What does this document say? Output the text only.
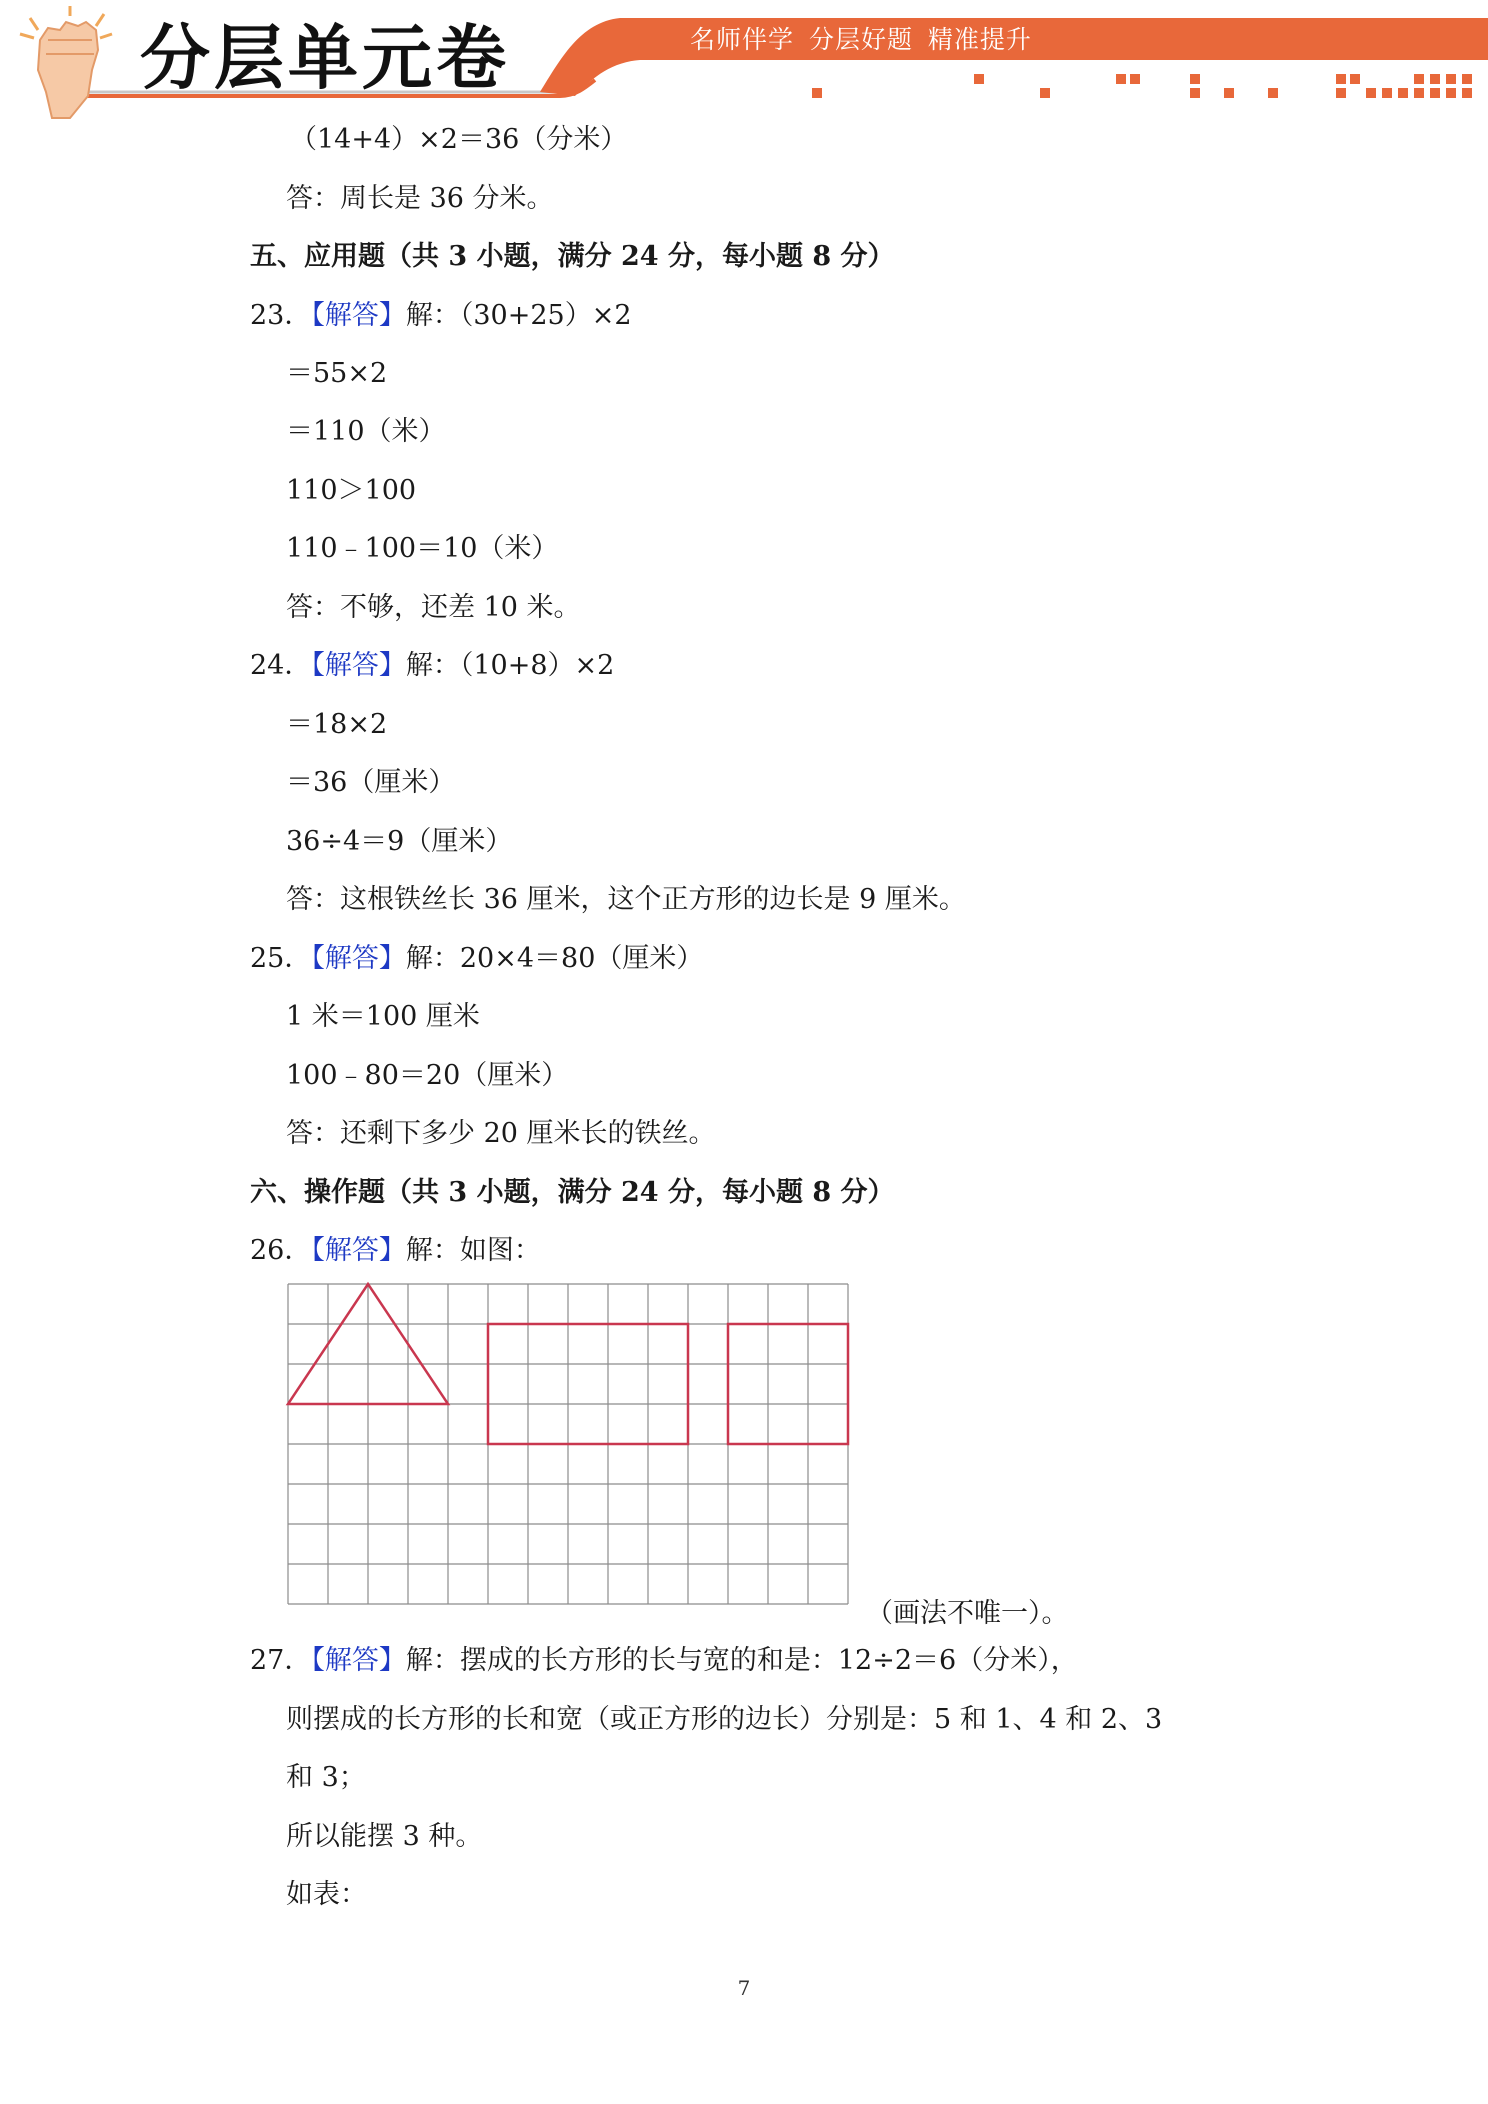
分层单元卷	名师伴学 分层好题 精准提升
（14+4）×2＝36（分米）
答：周长是 36 分米。
五、应用题（共 3 小题，满分 24 分，每小题 8 分）
23．【解答】解：（30+25）×2
＝55×2
＝110（米）
110＞100
110﹣100＝10（米）
答：不够，还差 10 米。
24．【解答】解：（10+8）×2
＝18×2
＝36（厘米）
36÷4＝9（厘米）
答：这根铁丝长 36 厘米，这个正方形的边长是 9 厘米。
25．【解答】解：20×4＝80（厘米）
1 米＝100 厘米
100﹣80＝20（厘米）
答：还剩下多少 20 厘米长的铁丝。
六、操作题（共 3 小题，满分 24 分，每小题 8 分）
26．【解答】解：如图：
（画法不唯一）。
27．【解答】解：摆成的长方形的长与宽的和是：12÷2＝6（分米），
则摆成的长方形的长和宽（或正方形的边长）分别是：5 和 1、4 和 2、3
和 3；
所以能摆 3 种。
如表：
7
